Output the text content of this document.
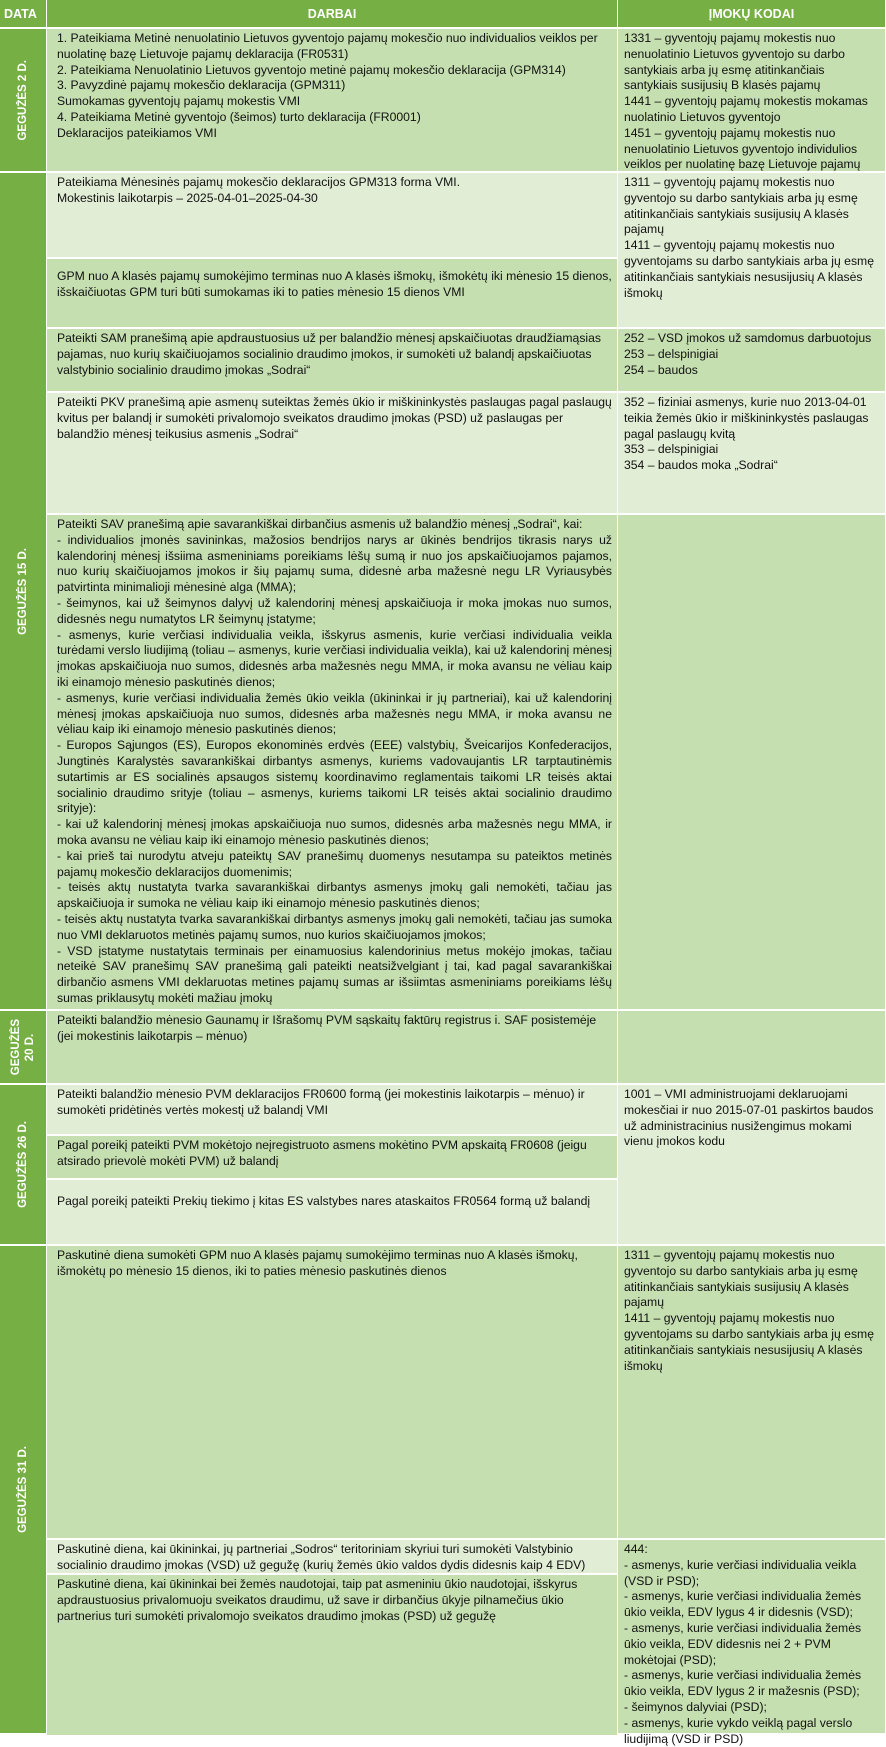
DATA	DARBAI	ĮMOKŲ KODAI
GEGUŽĖS 2 D.
1. Pateikiama Metinė nenuolatinio Lietuvos gyventojo pajamų mokesčio nuo individualios veiklos per nuolatinę bazę Lietuvoje pajamų deklaracija (FR0531)
2. Pateikiama Nenuolatinio Lietuvos gyventojo metinė pajamų mokesčio deklaracija (GPM314)
3. Pavyzdinė pajamų mokesčio deklaracija (GPM311)
Sumokamas gyventojų pajamų mokestis VMI
4. Pateikiama Metinė gyventojo (šeimos) turto deklaracija (FR0001)
Deklaracijos pateikiamos VMI
1331 – gyventojų pajamų mokestis nuo nenuolatinio Lietuvos gyventojo su darbo santykiais arba jų esmę atitinkančiais santykiais susijusių B klasės pajamų
1441 – gyventojų pajamų mokestis mokamas nuolatinio Lietuvos gyventojo
1451 – gyventojų pajamų mokestis nuo nenuolatinio Lietuvos gyventojo individulios veiklos per nuolatinę bazę Lietuvoje pajamų
GEGUŽĖS 15 D.
Pateikiama Mėnesinės pajamų mokesčio deklaracijos GPM313 forma VMI.
Mokestinis laikotarpis – 2025-04-01–2025-04-30
GPM nuo A klasės pajamų sumokėjimo terminas nuo A klasės išmokų, išmokėtų iki mėnesio 15 dienos, išskaičiuotas GPM turi būti sumokamas iki to paties mėnesio 15 dienos VMI
1311 – gyventojų pajamų mokestis nuo gyventojo su darbo santykiais arba jų esmę atitinkančiais santykiais susijusių A klasės pajamų
1411 – gyventojų pajamų mokestis nuo gyventojams su darbo santykiais arba jų esmę atitinkančiais santykiais nesusijusių A klasės išmokų
Pateikti SAM pranešimą apie apdraustuosius už per balandžio mėnesį apskaičiuotas draudžiamąsias pajamas, nuo kurių skaičiuojamos socialinio draudimo įmokos, ir sumokėti už balandį apskaičiuotas valstybinio socialinio draudimo įmokas „Sodrai“
252 – VSD įmokos už samdomus darbuotojus
253 – delspinigiai
254 – baudos
Pateikti PKV pranešimą apie asmenų suteiktas žemės ūkio ir miškininkystės paslaugas pagal paslaugų kvitus per balandį ir sumokėti privalomojo sveikatos draudimo įmokas (PSD) už paslaugas per balandžio mėnesį teikusius asmenis „Sodrai“
352 – fiziniai asmenys, kurie nuo 2013-04-01 teikia žemės ūkio ir miškininkystės paslaugas pagal paslaugų kvitą
353 – delspinigiai
354 – baudos moka „Sodrai“
Pateikti SAV pranešimą apie savarankiškai dirbančius asmenis už balandžio mėnesį „Sodrai“, kai:
- individualios įmonės savininkas, mažosios bendrijos narys ar ūkinės bendrijos tikrasis narys už kalendorinį mėnesį išsiima asmeniniams poreikiams lėšų sumą ir nuo jos apskaičiuojamos pajamos, nuo kurių skaičiuojamos įmokos ir šių pajamų suma, didesnė arba mažesnė negu LR Vyriausybės patvirtinta minimalioji mėnesinė alga (MMA);
- šeimynos, kai už šeimynos dalyvį už kalendorinį mėnesį apskaičiuoja ir moka įmokas nuo sumos, didesnės negu numatytos LR šeimynų įstatyme;
- asmenys, kurie verčiasi individualia veikla, išskyrus asmenis, kurie verčiasi individualia veikla turėdami verslo liudijimą (toliau – asmenys, kurie verčiasi individualia veikla), kai už kalendorinį mėnesį įmokas apskaičiuoja nuo sumos, didesnės arba mažesnės negu MMA, ir moka avansu ne vėliau kaip iki einamojo mėnesio paskutinės dienos;
- asmenys, kurie verčiasi individualia žemės ūkio veikla (ūkininkai ir jų partneriai), kai už kalendorinį mėnesį įmokas apskaičiuoja nuo sumos, didesnės arba mažesnės negu MMA, ir moka avansu ne vėliau kaip iki einamojo mėnesio paskutinės dienos;
- Europos Sąjungos (ES), Europos ekonominės erdvės (EEE) valstybių, Šveicarijos Konfederacijos, Jungtinės Karalystės savarankiškai dirbantys asmenys, kuriems vadovaujantis LR tarptautinėmis sutartimis ar ES socialinės apsaugos sistemų koordinavimo reglamentais taikomi LR teisės aktai socialinio draudimo srityje (toliau – asmenys, kuriems taikomi LR teisės aktai socialinio draudimo srityje):
- kai už kalendorinį mėnesį įmokas apskaičiuoja nuo sumos, didesnės arba mažesnės negu MMA, ir moka avansu ne vėliau kaip iki einamojo mėnesio paskutinės dienos;
- kai prieš tai nurodytu atveju pateiktų SAV pranešimų duomenys nesutampa su pateiktos metinės pajamų mokesčio deklaracijos duomenimis;
- teisės aktų nustatyta tvarka savarankiškai dirbantys asmenys įmokų gali nemokėti, tačiau jas apskaičiuoja ir sumoka ne vėliau kaip iki einamojo mėnesio paskutinės dienos;
- teisės aktų nustatyta tvarka savarankiškai dirbantys asmenys įmokų gali nemokėti, tačiau jas sumoka nuo VMI deklaruotos metinės pajamų sumos, nuo kurios skaičiuojamos įmokos;
- VSD įstatyme nustatytais terminais per einamuosius kalendorinius metus mokėjo įmokas, tačiau neteikė SAV pranešimų SAV pranešimą gali pateikti neatsižvelgiant į tai, kad pagal savarankiškai dirbančio asmens VMI deklaruotas metines pajamų sumas ar išsiimtas asmeniniams poreikiams lėšų sumas priklausytų mokėti mažiau įmokų
GEGUŽĖS
20 D.
Pateikti balandžio mėnesio Gaunamų ir Išrašomų PVM sąskaitų faktūrų registrus i. SAF posistemėje (jei mokestinis laikotarpis – mėnuo)
GEGUŽĖS 26 D.
Pateikti balandžio mėnesio PVM deklaracijos FR0600 formą (jei mokestinis laikotarpis – mėnuo) ir sumokėti pridėtinės vertės mokestį už balandį VMI
Pagal poreikį pateikti PVM mokėtojo neįregistruoto asmens mokėtino PVM apskaitą FR0608 (jeigu atsirado prievolė mokėti PVM) už balandį
Pagal poreikį pateikti Prekių tiekimo į kitas ES valstybes nares ataskaitos FR0564 formą už balandį
1001 – VMI administruojami deklaruojami mokesčiai ir nuo 2015-07-01 paskirtos baudos už administracinius nusižengimus mokami vienu įmokos kodu
GEGUŽĖS 31 D.
Paskutinė diena sumokėti GPM nuo A klasės pajamų sumokėjimo terminas nuo A klasės išmokų, išmokėtų po mėnesio 15 dienos, iki to paties mėnesio paskutinės dienos
1311 – gyventojų pajamų mokestis nuo gyventojo su darbo santykiais arba jų esmę atitinkančiais santykiais susijusių A klasės pajamų
1411 – gyventojų pajamų mokestis nuo gyventojams su darbo santykiais arba jų esmę atitinkančiais santykiais nesusijusių A klasės išmokų
Paskutinė diena, kai ūkininkai, jų partneriai „Sodros“ teritoriniam skyriui turi sumokėti Valstybinio socialinio draudimo įmokas (VSD) už gegužę (kurių žemės ūkio valdos dydis didesnis kaip 4 EDV)
Paskutinė diena, kai ūkininkai bei žemės naudotojai, taip pat asmeniniu ūkio naudotojai, išskyrus apdraustuosius privalomuoju sveikatos draudimu, už save ir dirbančius ūkyje pilnamečius ūkio partnerius turi sumokėti privalomojo sveikatos draudimo įmokas (PSD) už gegužę
444:
- asmenys, kurie verčiasi individualia veikla (VSD ir PSD);
- asmenys, kurie verčiasi individualia žemės ūkio veikla, EDV lygus 4 ir didesnis (VSD);
- asmenys, kurie verčiasi individualia žemės ūkio veikla, EDV didesnis nei 2 + PVM mokėtojai (PSD);
- asmenys, kurie verčiasi individualia žemės ūkio veikla, EDV lygus 2 ir mažesnis (PSD);
- šeimynos dalyviai (PSD);
- asmenys, kurie vykdo veiklą pagal verslo liudijimą (VSD ir PSD)
